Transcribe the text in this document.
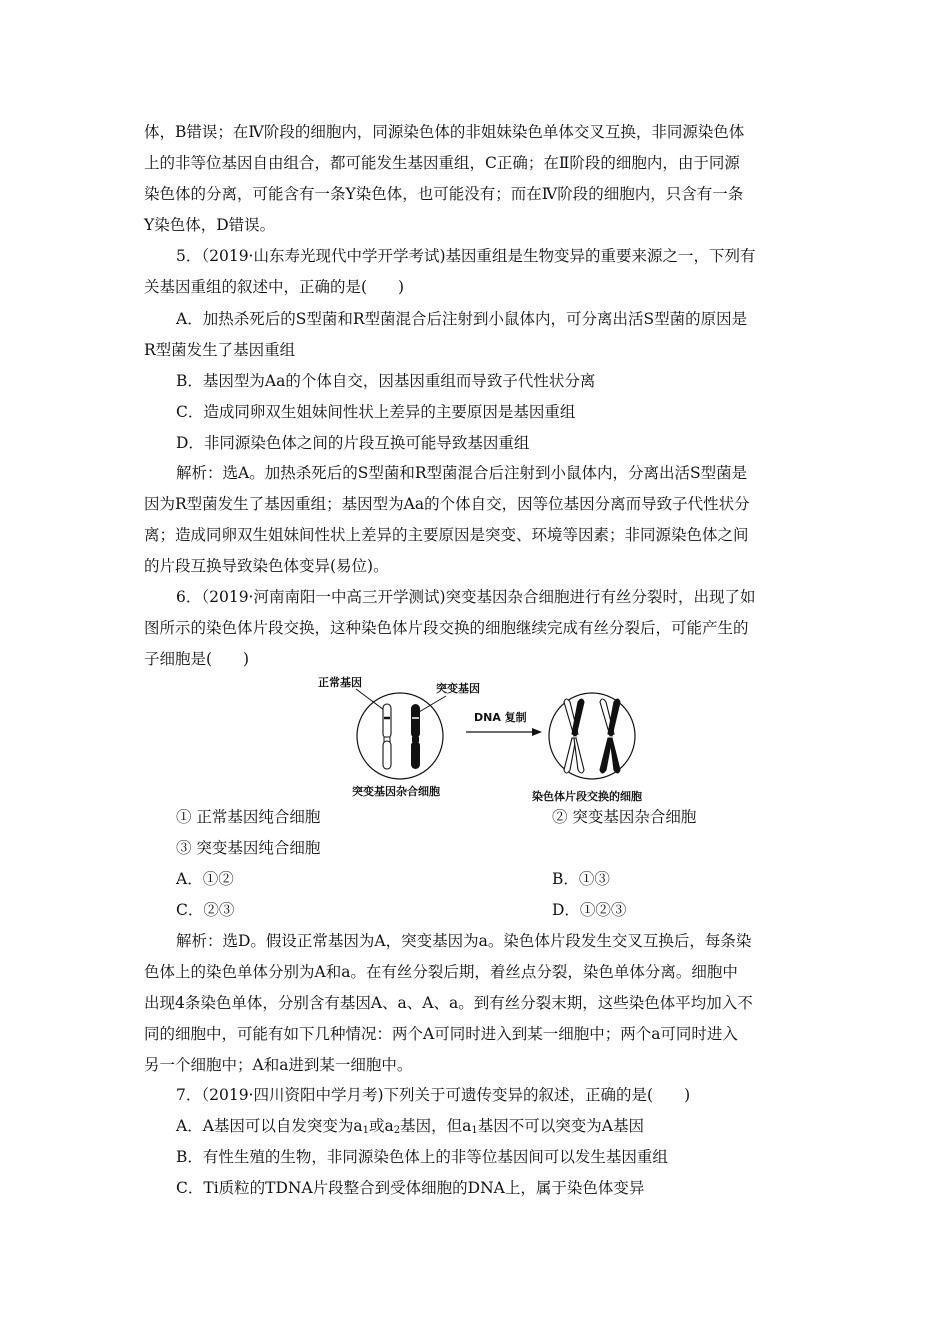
体，B错误；在Ⅳ阶段的细胞内，同源染色体的非姐妹染色单体交叉互换，非同源染色体
上的非等位基因自由组合，都可能发生基因重组，C正确；在Ⅱ阶段的细胞内，由于同源
染色体的分离，可能含有一条Y染色体，也可能没有；而在Ⅳ阶段的细胞内，只含有一条
Y染色体，D错误。
5．（2019·山东寿光现代中学开学考试)基因重组是生物变异的重要来源之一，下列有
关基因重组的叙述中，正确的是(　　)
A．加热杀死后的S型菌和R型菌混合后注射到小鼠体内，可分离出活S型菌的原因是
R型菌发生了基因重组
B．基因型为Aa的个体自交，因基因重组而导致子代性状分离
C．造成同卵双生姐妹间性状上差异的主要原因是基因重组
D．非同源染色体之间的片段互换可能导致基因重组
解析：选A。加热杀死后的S型菌和R型菌混合后注射到小鼠体内，分离出活S型菌是
因为R型菌发生了基因重组；基因型为Aa的个体自交，因等位基因分离而导致子代性状分
离；造成同卵双生姐妹间性状上差异的主要原因是突变、环境等因素；非同源染色体之间
的片段互换导致染色体变异(易位)。
6．（2019·河南南阳一中高三开学测试)突变基因杂合细胞进行有丝分裂时，出现了如
图所示的染色体片段交换，这种染色体片段交换的细胞继续完成有丝分裂后，可能产生的
子细胞是(　　)
正常基因	突变基因
突变基因杂合细胞
DNA 复制
染色体片段交换的细胞
① 正常基因纯合细胞	② 突变基因杂合细胞
③ 突变基因纯合细胞
A．①②	B．①③
C．②③	D．①②③
解析：选D。假设正常基因为A，突变基因为a。染色体片段发生交叉互换后，每条染
色体上的染色单体分别为A和a。在有丝分裂后期，着丝点分裂，染色单体分离。细胞中
出现4条染色单体，分别含有基因A、a、A、a。到有丝分裂末期，这些染色体平均加入不
同的细胞中，可能有如下几种情况：两个A可同时进入到某一细胞中；两个a可同时进入
另一个细胞中；A和a进到某一细胞中。
7．（2019·四川资阳中学月考)下列关于可遗传变异的叙述，正确的是(　　)
A．A基因可以自发突变为$a_1$或$a_2$基因，但$a_1$基因不可以突变为A基因
B．有性生殖的生物，非同源染色体上的非等位基因间可以发生基因重组
C．Ti质粒的TDNA片段整合到受体细胞的DNA上，属于染色体变异
